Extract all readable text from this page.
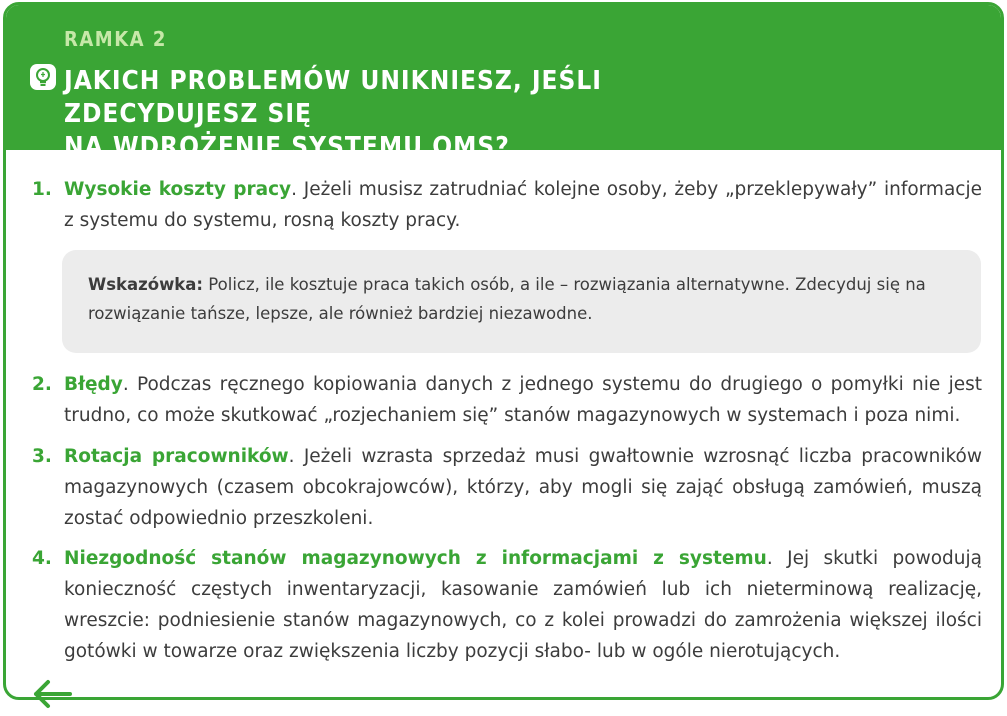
RAMKA 2
JAKICH PROBLEMÓW UNIKNIESZ, JEŚLI ZDECYDUJESZ SIĘ
NA WDROŻENIE SYSTEMU OMS?
1. Wysokie koszty pracy. Jeżeli musisz zatrudniać kolejne osoby, żeby „przeklepywały” informacje z systemu do systemu, rosną koszty pracy.
Wskazówka: Policz, ile kosztuje praca takich osób, a ile – rozwiązania alternatywne. Zdecyduj się na rozwiązanie tańsze, lepsze, ale również bardziej niezawodne.
2. Błędy. Podczas ręcznego kopiowania danych z jednego systemu do drugiego o pomyłki nie jest trudno, co może skutkować „rozjechaniem się” stanów magazynowych w systemach i poza nimi.
3. Rotacja pracowników. Jeżeli wzrasta sprzedaż musi gwałtownie wzrosnąć liczba pracowników magazynowych (czasem obcokrajowców), którzy, aby mogli się zająć obsługą zamówień, muszą zostać odpowiednio przeszkoleni.
4. Niezgodność stanów magazynowych z informacjami z systemu. Jej skutki powodują konieczność częstych inwentaryzacji, kasowanie zamówień lub ich nieterminową realizację, wreszcie: podniesienie stanów magazynowych, co z kolei prowadzi do zamrożenia większej ilości gotówki w towarze oraz zwiększenia liczby pozycji słabo- lub w ogóle nierotujących.
